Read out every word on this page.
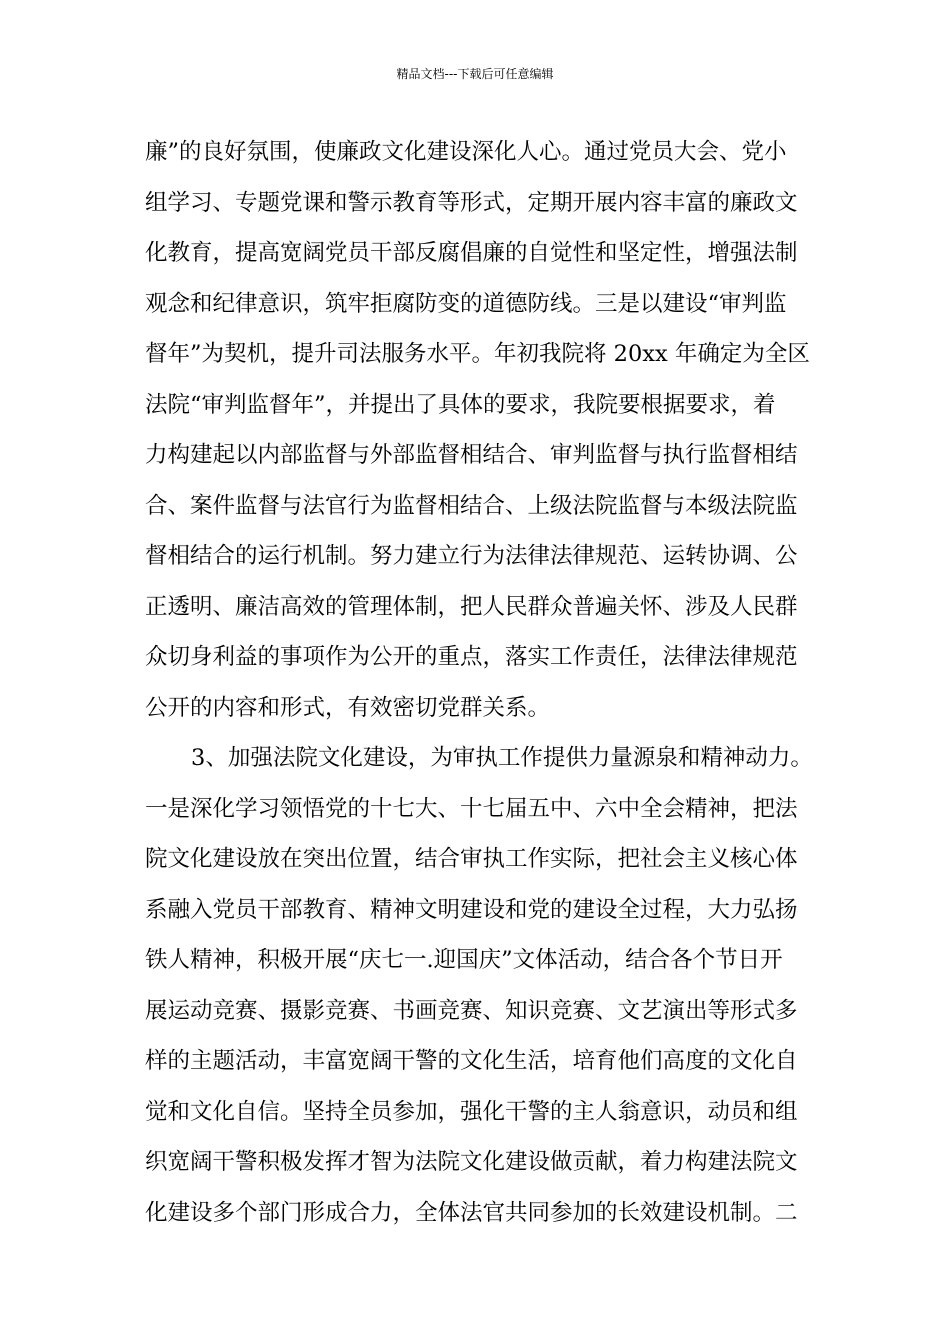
精品文档---下载后可任意编辑
廉”的良好氛围，使廉政文化建设深化人心。通过党员大会、党小
组学习、专题党课和警示教育等形式，定期开展内容丰富的廉政文
化教育，提高宽阔党员干部反腐倡廉的自觉性和坚定性，增强法制
观念和纪律意识，筑牢拒腐防变的道德防线。三是以建设“审判监
督年”为契机，提升司法服务水平。年初我院将 20xx 年确定为全区
法院“审判监督年”，并提出了具体的要求，我院要根据要求，着
力构建起以内部监督与外部监督相结合、审判监督与执行监督相结
合、案件监督与法官行为监督相结合、上级法院监督与本级法院监
督相结合的运行机制。努力建立行为法律法律规范、运转协调、公
正透明、廉洁高效的管理体制，把人民群众普遍关怀、涉及人民群
众切身利益的事项作为公开的重点，落实工作责任，法律法律规范
公开的内容和形式，有效密切党群关系。
3、加强法院文化建设，为审执工作提供力量源泉和精神动力。
一是深化学习领悟党的十七大、十七届五中、六中全会精神，把法
院文化建设放在突出位置，结合审执工作实际，把社会主义核心体
系融入党员干部教育、精神文明建设和党的建设全过程，大力弘扬
铁人精神，积极开展“庆七一.迎国庆”文体活动，结合各个节日开
展运动竞赛、摄影竞赛、书画竞赛、知识竞赛、文艺演出等形式多
样的主题活动，丰富宽阔干警的文化生活，培育他们高度的文化自
觉和文化自信。坚持全员参加，强化干警的主人翁意识，动员和组
织宽阔干警积极发挥才智为法院文化建设做贡献，着力构建法院文
化建设多个部门形成合力，全体法官共同参加的长效建设机制。二
